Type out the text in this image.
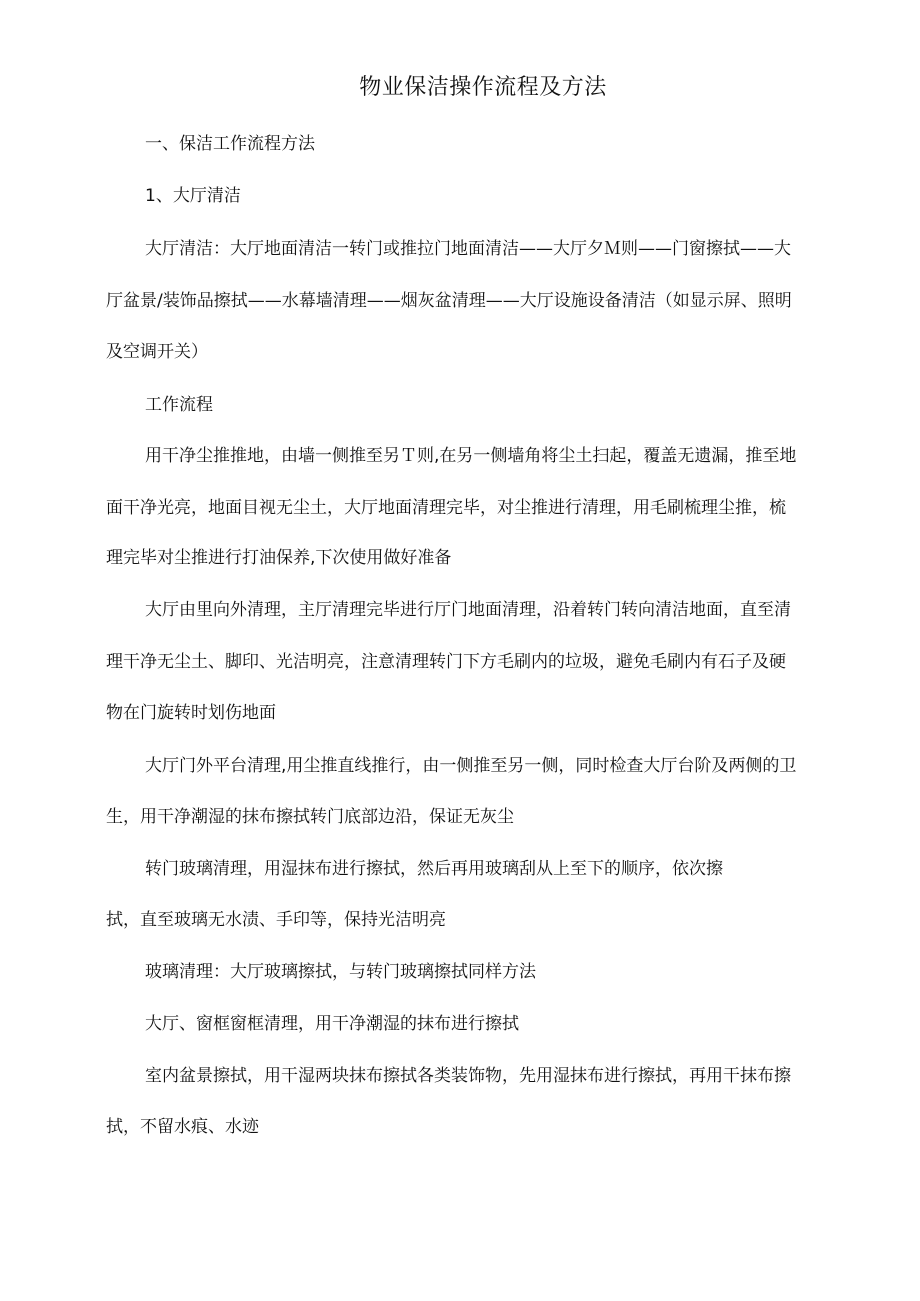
物业保洁操作流程及方法
一、保洁工作流程方法
1、大厅清洁
大厅清洁：大厅地面清洁一转门或推拉门地面清洁——大厅夕Ｍ则——门窗擦拭——大
厅盆景/装饰品擦拭——水幕墙清理——烟灰盆清理——大厅设施设备清洁（如显示屏、照明
及空调开关）
工作流程
用干净尘推推地，由墙一侧推至另Ｔ则,在另一侧墙角将尘土扫起，覆盖无遗漏，推至地
面干净光亮，地面目视无尘土，大厅地面清理完毕，对尘推进行清理，用毛刷梳理尘推，梳
理完毕对尘推进行打油保养,下次使用做好准备
大厅由里向外清理，主厅清理完毕进行厅门地面清理，沿着转门转向清洁地面，直至清
理干净无尘土、脚印、光洁明亮，注意清理转门下方毛刷内的垃圾，避免毛刷内有石子及硬
物在门旋转时划伤地面
大厅门外平台清理,用尘推直线推行，由一侧推至另一侧，同时检查大厅台阶及两侧的卫
生，用干净潮湿的抹布擦拭转门底部边沿，保证无灰尘
转门玻璃清理，用湿抹布进行擦拭，然后再用玻璃刮从上至下的顺序，依次擦
拭，直至玻璃无水渍、手印等，保持光洁明亮
玻璃清理：大厅玻璃擦拭，与转门玻璃擦拭同样方法
大厅、窗框窗框清理，用干净潮湿的抹布进行擦拭
室内盆景擦拭，用干湿两块抹布擦拭各类装饰物，先用湿抹布进行擦拭，再用干抹布擦
拭，不留水痕、水迹
